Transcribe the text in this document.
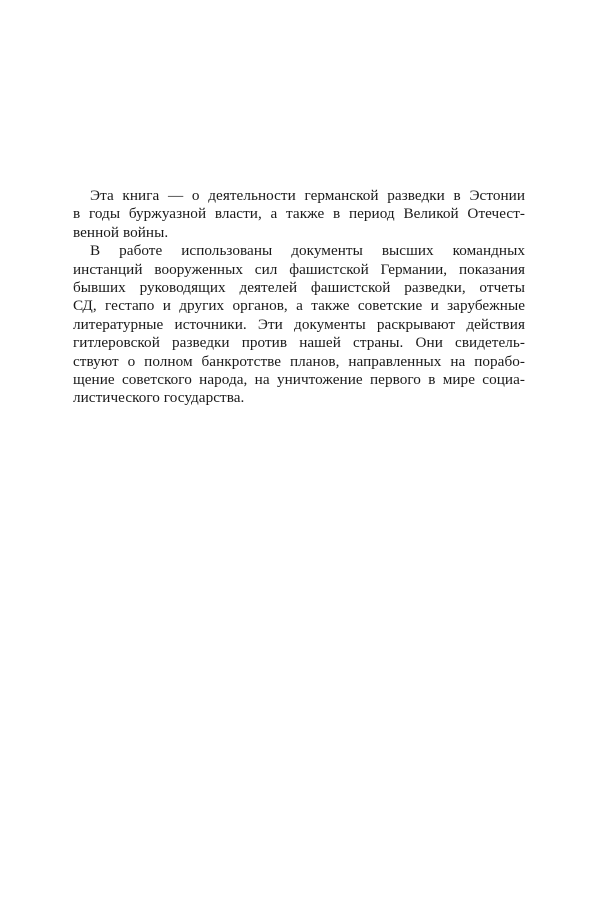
Эта книга — о деятельности германской разведки в Эстонии
в годы буржуазной власти, а также в период Великой Отечест-
венной войны.
В работе использованы документы высших командных
инстанций вооруженных сил фашистской Германии, показания
бывших руководящих деятелей фашистской разведки, отчеты
СД, гестапо и других органов, а также советские и зарубежные
литературные источники. Эти документы раскрывают действия
гитлеровской разведки против нашей страны. Они свидетель-
ствуют о полном банкротстве планов, направленных на порабо-
щение советского народа, на уничтожение первого в мире социа-
листического государства.
